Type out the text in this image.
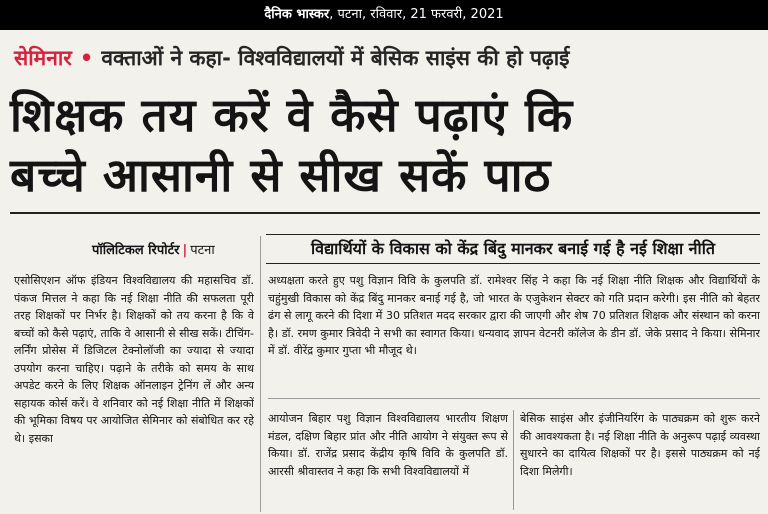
दैनिक भास्कर, पटना, रविवार, 21 फरवरी, 2021
सेमिनार • वक्ताओं ने कहा- विश्वविद्यालयों में बेसिक साइंस की हो पढ़ाई
शिक्षक तय करें वे कैसे पढ़ाएं कि
बच्चे आसानी से सीख सकें पाठ
पॉलिटिकल रिपोर्टर | पटना	विद्यार्थियों के विकास को केंद्र बिंदु मानकर बनाई गई है नई शिक्षा नीति
एसोसिएशन ऑफ इंडियन विश्वविद्यालय की महासचिव डॉ. पंकज मित्तल ने कहा कि नई शिक्षा नीति की सफलता पूरी तरह शिक्षकों पर निर्भर है। शिक्षकों को तय करना है कि वे बच्चों को कैसे पढ़ाएं, ताकि वे आसानी से सीख सकें। टीचिंग-लर्निंग प्रोसेस में डिजिटल टेक्नोलॉजी का ज्यादा से ज्यादा उपयोग करना चाहिए। पढ़ाने के तरीके को समय के साथ अपडेट करने के लिए शिक्षक ऑनलाइन ट्रेनिंग लें और अन्य सहायक कोर्स करें। वे शनिवार को नई शिक्षा नीति में शिक्षकों की भूमिका विषय पर आयोजित सेमिनार को संबोधित कर रहे थे। इसका
अध्यक्षता करते हुए पशु विज्ञान विवि के कुलपति डॉ. रामेश्वर सिंह ने कहा कि नई शिक्षा नीति शिक्षक और विद्यार्थियों के चहुंमुखी विकास को केंद्र बिंदु मानकर बनाई गई है, जो भारत के एजुकेशन सेक्टर को गति प्रदान करेगी। इस नीति को बेहतर ढंग से लागू करने की दिशा में 30 प्रतिशत मदद सरकार द्वारा की जाएगी और शेष 70 प्रतिशत शिक्षक और संस्थान को करना है। डॉ. रमण कुमार त्रिवेदी ने सभी का स्वागत किया। धन्यवाद ज्ञापन वेटनरी कॉलेज के डीन डॉ. जेके प्रसाद ने किया। सेमिनार में डॉ. वीरेंद्र कुमार गुप्ता भी मौजूद थे।
आयोजन बिहार पशु विज्ञान विश्वविद्यालय भारतीय शिक्षण मंडल, दक्षिण बिहार प्रांत और नीति आयोग ने संयुक्त रूप से किया। डॉ. राजेंद्र प्रसाद केंद्रीय कृषि विवि के कुलपति डॉ. आरसी श्रीवास्तव ने कहा कि सभी विश्वविद्यालयों में
बेसिक साइंस और इंजीनियरिंग के पाठ्यक्रम को शुरू करने की आवश्यकता है। नई शिक्षा नीति के अनुरूप पढ़ाई व्यवस्था सुधारने का दायित्व शिक्षकों पर है। इससे पाठ्यक्रम को नई दिशा मिलेगी।
